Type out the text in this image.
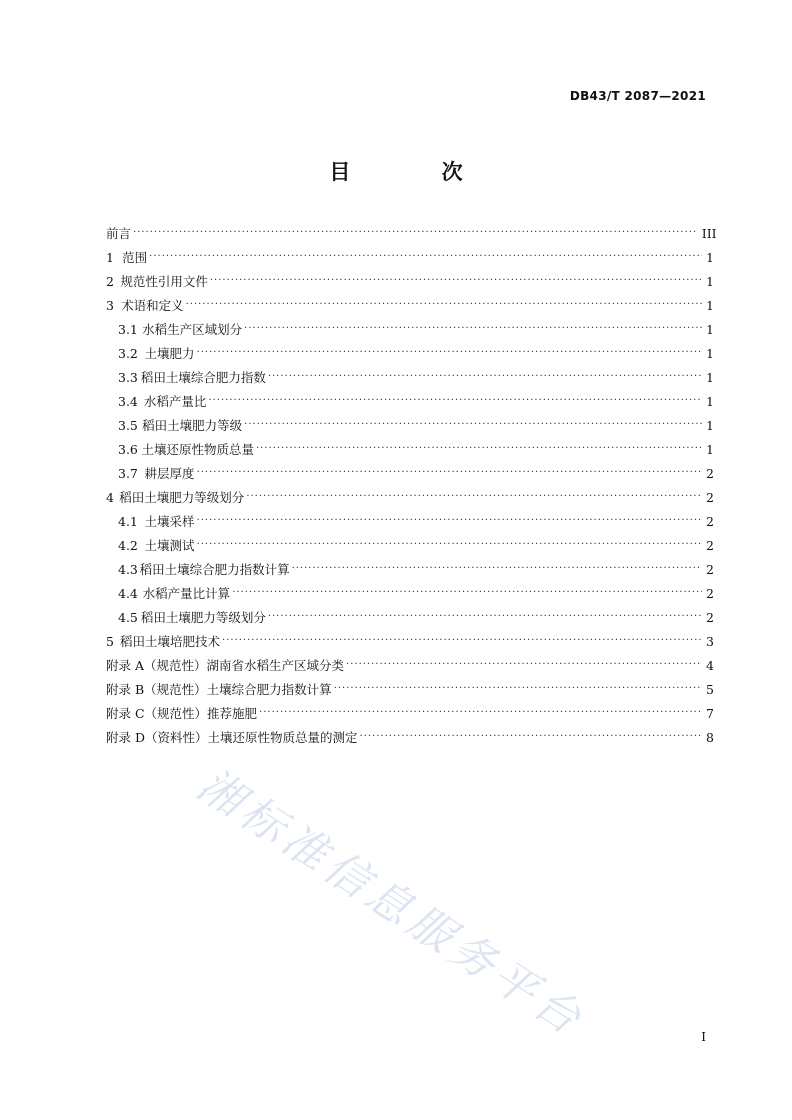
DB43/T 2087—2021
目 次
前言 ·····	III
1 范围 ·····	1
2 规范性引用文件 ·····	1
3 术语和定义 ·····	1
3.1 水稻生产区域划分 ·····	1
3.2 土壤肥力 ·····	1
3.3 稻田土壤综合肥力指数 ·····	1
3.4 水稻产量比 ·····	1
3.5 稻田土壤肥力等级 ·····	1
3.6 土壤还原性物质总量 ·····	1
3.7 耕层厚度 ·····	2
4 稻田土壤肥力等级划分 ·····	2
4.1 土壤采样 ·····	2
4.2 土壤测试 ·····	2
4.3 稻田土壤综合肥力指数计算 ·····	2
4.4 水稻产量比计算 ·····	2
4.5 稻田土壤肥力等级划分 ·····	2
5 稻田土壤培肥技术 ·····	3
附录 A（规范性） 湖南省水稻生产区域分类 ·····	4
附录 B（规范性） 土壤综合肥力指数计算 ·····	5
附录 C（规范性） 推荐施肥 ·····	7
附录 D（资料性） 土壤还原性物质总量的测定 ·····	8
湘标准信息服务平台	I
